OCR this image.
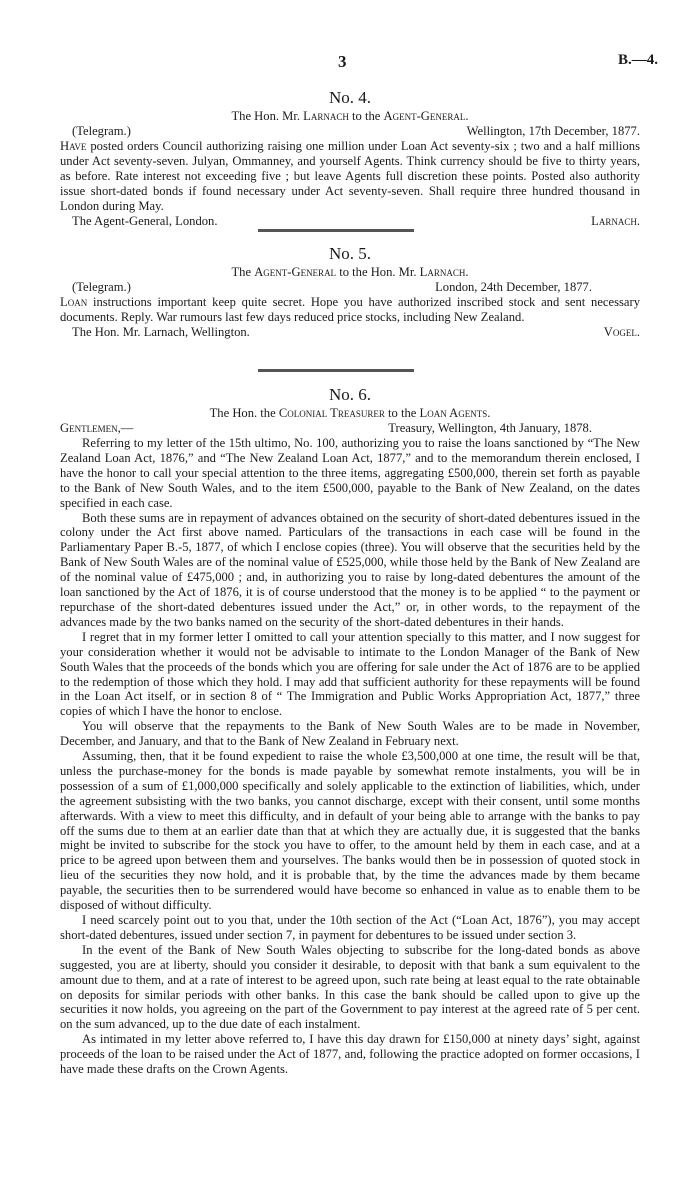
3	B.—4.
No. 4.
The Hon. Mr. Larnach to the Agent-General.
(Telegram.)	Wellington, 17th December, 1877.

Have posted orders Council authorizing raising one million under Loan Act seventy-six ; two and a half millions under Act seventy-seven. Julyan, Ommanney, and yourself Agents. Think currency should be five to thirty years, as before. Rate interest not exceeding five ; but leave Agents full discretion these points. Posted also authority issue short-dated bonds if found necessary under Act seventy-seven. Shall require three hundred thousand in London during May.

The Agent-General, London.	Larnach.
No. 5.
The Agent-General to the Hon. Mr. Larnach.
(Telegram.)	London, 24th December, 1877.

Loan instructions important keep quite secret. Hope you have authorized inscribed stock and sent necessary documents. Reply. War rumours last few days reduced price stocks, including New Zealand.

The Hon. Mr. Larnach, Wellington.	Vogel.
No. 6.
The Hon. the Colonial Treasurer to the Loan Agents.
Gentlemen,—	Treasury, Wellington, 4th January, 1878.

Referring to my letter of the 15th ultimo, No. 100, authorizing you to raise the loans sanctioned by “The New Zealand Loan Act, 1876,” and “The New Zealand Loan Act, 1877,” and to the memorandum therein enclosed, I have the honor to call your special attention to the three items, aggregating £500,000, therein set forth as payable to the Bank of New South Wales, and to the item £500,000, payable to the Bank of New Zealand, on the dates specified in each case.

Both these sums are in repayment of advances obtained on the security of short-dated debentures issued in the colony under the Act first above named. Particulars of the transactions in each case will be found in the Parliamentary Paper B.-5, 1877, of which I enclose copies (three). You will observe that the securities held by the Bank of New South Wales are of the nominal value of £525,000, while those held by the Bank of New Zealand are of the nominal value of £475,000 ; and, in authorizing you to raise by long-dated debentures the amount of the loan sanctioned by the Act of 1876, it is of course understood that the money is to be applied “ to the payment or repurchase of the short-dated debentures issued under the Act,” or, in other words, to the repayment of the advances made by the two banks named on the security of the short-dated debentures in their hands.

I regret that in my former letter I omitted to call your attention specially to this matter, and I now suggest for your consideration whether it would not be advisable to intimate to the London Manager of the Bank of New South Wales that the proceeds of the bonds which you are offering for sale under the Act of 1876 are to be applied to the redemption of those which they hold. I may add that sufficient authority for these repayments will be found in the Loan Act itself, or in section 8 of “ The Immigration and Public Works Appropriation Act, 1877,” three copies of which I have the honor to enclose.

You will observe that the repayments to the Bank of New South Wales are to be made in November, December, and January, and that to the Bank of New Zealand in February next.

Assuming, then, that it be found expedient to raise the whole £3,500,000 at one time, the result will be that, unless the purchase-money for the bonds is made payable by somewhat remote instalments, you will be in possession of a sum of £1,000,000 specifically and solely applicable to the extinction of liabilities, which, under the agreement subsisting with the two banks, you cannot discharge, except with their consent, until some months afterwards. With a view to meet this difficulty, and in default of your being able to arrange with the banks to pay off the sums due to them at an earlier date than that at which they are actually due, it is suggested that the banks might be invited to subscribe for the stock you have to offer, to the amount held by them in each case, and at a price to be agreed upon between them and yourselves. The banks would then be in possession of quoted stock in lieu of the securities they now hold, and it is probable that, by the time the advances made by them became payable, the securities then to be surrendered would have become so enhanced in value as to enable them to be disposed of without difficulty.

I need scarcely point out to you that, under the 10th section of the Act (“Loan Act, 1876”), you may accept short-dated debentures, issued under section 7, in payment for debentures to be issued under section 3.

In the event of the Bank of New South Wales objecting to subscribe for the long-dated bonds as above suggested, you are at liberty, should you consider it desirable, to deposit with that bank a sum equivalent to the amount due to them, and at a rate of interest to be agreed upon, such rate being at least equal to the rate obtainable on deposits for similar periods with other banks. In this case the bank should be called upon to give up the securities it now holds, you agreeing on the part of the Government to pay interest at the agreed rate of 5 per cent. on the sum advanced, up to the due date of each instalment.

As intimated in my letter above referred to, I have this day drawn for £150,000 at ninety days’ sight, against proceeds of the loan to be raised under the Act of 1877, and, following the practice adopted on former occasions, I have made these drafts on the Crown Agents.
